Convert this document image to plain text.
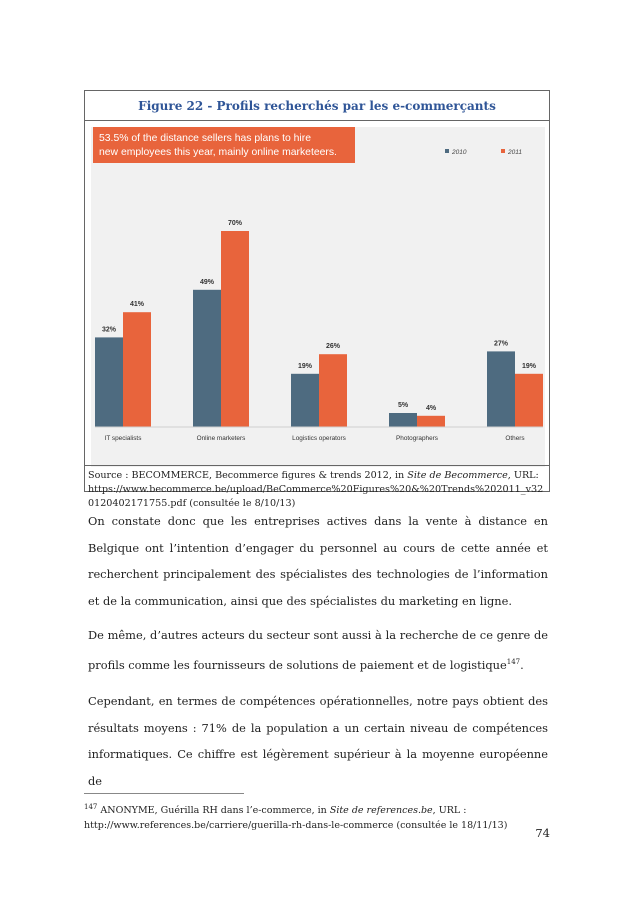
Figure 22 - Profils recherchés par les e-commerçants
53.5% of the distance sellers has plans to hire
new employees this year, mainly online marketeers.	2010	2011
32%
41%
49%
70%
19%
26%
5%	4%
27%
19%
IT specialists	Online marketers	Logistics operators	Photographers	Others
Source : BECOMMERCE, Becommerce figures & trends 2012, in Site de Becommerce, URL: https://www.becommerce.be/upload/BeCommerce%20Figures%20&%20Trends%202011_v320120402171755.pdf (consultée le 8/10/13)

On constate donc que les entreprises actives dans la vente à distance en Belgique ont l’intention d’engager du personnel au cours de cette année et recherchent principalement des spécialistes des technologies de l’information et de la communication, ainsi que des spécialistes du marketing en ligne.

De même, d’autres acteurs du secteur sont aussi à la recherche de ce genre de profils comme les fournisseurs de solutions de paiement et de logistique$^{147}$.

Cependant, en termes de compétences opérationnelles, notre pays obtient des résultats moyens : 71% de la population a un certain niveau de compétences informatiques. Ce chiffre est légèrement supérieur à la moyenne européenne de

$^{147}$ ANONYME, Guérilla RH dans l’e-commerce, in Site de references.be, URL :
http://www.references.be/carriere/guerilla-rh-dans-le-commerce (consultée le 18/11/13)

74
